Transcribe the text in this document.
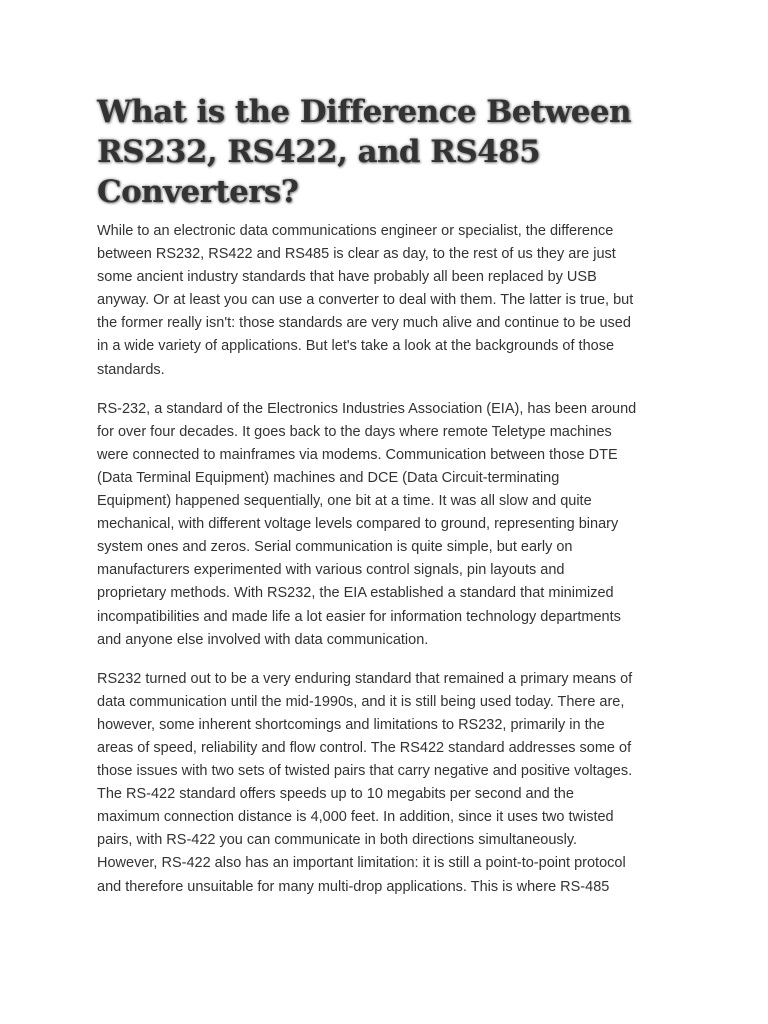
What is the Difference Between RS232, RS422, and RS485 Converters?

While to an electronic data communications engineer or specialist, the difference between RS232, RS422 and RS485 is clear as day, to the rest of us they are just some ancient industry standards that have probably all been replaced by USB anyway. Or at least you can use a converter to deal with them. The latter is true, but the former really isn't: those standards are very much alive and continue to be used in a wide variety of applications. But let's take a look at the backgrounds of those standards.

RS-232, a standard of the Electronics Industries Association (EIA), has been around for over four decades. It goes back to the days where remote Teletype machines were connected to mainframes via modems. Communication between those DTE (Data Terminal Equipment) machines and DCE (Data Circuit-terminating Equipment) happened sequentially, one bit at a time. It was all slow and quite mechanical, with different voltage levels compared to ground, representing binary system ones and zeros. Serial communication is quite simple, but early on manufacturers experimented with various control signals, pin layouts and proprietary methods. With RS232, the EIA established a standard that minimized incompatibilities and made life a lot easier for information technology departments and anyone else involved with data communication.

RS232 turned out to be a very enduring standard that remained a primary means of data communication until the mid-1990s, and it is still being used today. There are, however, some inherent shortcomings and limitations to RS232, primarily in the areas of speed, reliability and flow control. The RS422 standard addresses some of those issues with two sets of twisted pairs that carry negative and positive voltages. The RS-422 standard offers speeds up to 10 megabits per second and the maximum connection distance is 4,000 feet. In addition, since it uses two twisted pairs, with RS-422 you can communicate in both directions simultaneously. However, RS-422 also has an important limitation: it is still a point-to-point protocol and therefore unsuitable for many multi-drop applications. This is where RS-485
